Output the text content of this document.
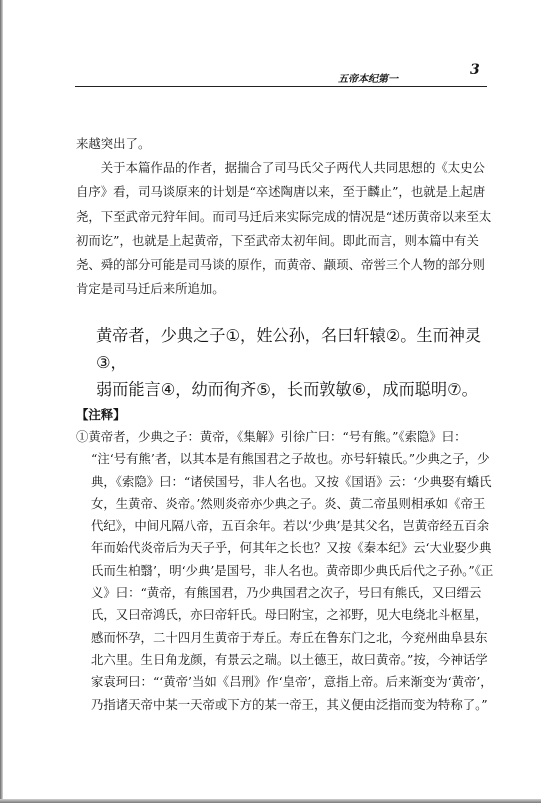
五帝本纪第一
3

来越突出了。

关于本篇作品的作者，据揣合了司马氏父子两代人共同思想的《太史公自序》看，司马谈原来的计划是“卒述陶唐以来，至于麟止”，也就是上起唐尧，下至武帝元狩年间。而司马迁后来实际完成的情况是“述历黄帝以来至太初而讫”，也就是上起黄帝，下至武帝太初年间。即此而言，则本篇中有关尧、舜的部分可能是司马谈的原作，而黄帝、颛顼、帝喾三个人物的部分则肯定是司马迁后来所追加。

黄帝者，少典之子①，姓公孙，名曰轩辕②。生而神灵③，

弱而能言④，幼而徇齐⑤，长而敦敏⑥，成而聪明⑦。

【注释】

①黄帝者，少典之子：黄帝，《集解》引徐广曰：“号有熊。”《索隐》曰：

“注‘号有熊’者，以其本是有熊国君之子故也。亦号轩辕氏。”少典之子，少典，《索隐》曰：“诸侯国号，非人名也。又按《国语》云：‘少典娶有蟜氏女，生黄帝、炎帝。’然则炎帝亦少典之子。炎、黄二帝虽则相承如《帝王代纪》，中间凡隔八帝，五百余年。若以‘少典’是其父名，岂黄帝经五百余年而始代炎帝后为天子乎，何其年之长也？又按《秦本纪》云‘大业娶少典氏而生柏翳’，明‘少典’是国号，非人名也。黄帝即少典氏后代之子孙。”《正义》曰：“黄帝，有熊国君，乃少典国君之次子，号曰有熊氏，又曰缙云氏，又曰帝鸿氏，亦曰帝轩氏。母曰附宝，之祁野，见大电绕北斗枢星，感而怀孕，二十四月生黄帝于寿丘。寿丘在鲁东门之北，今兖州曲阜县东北六里。生日角龙颜，有景云之瑞。以土德王，故曰黄帝。”按，今神话学家袁珂曰：“‘黄帝’当如《吕刑》作‘皇帝’，意指上帝。后来渐变为‘黄帝’，乃指诸天帝中某一天帝或下方的某一帝王，其义便由泛指而变为特称了。”
